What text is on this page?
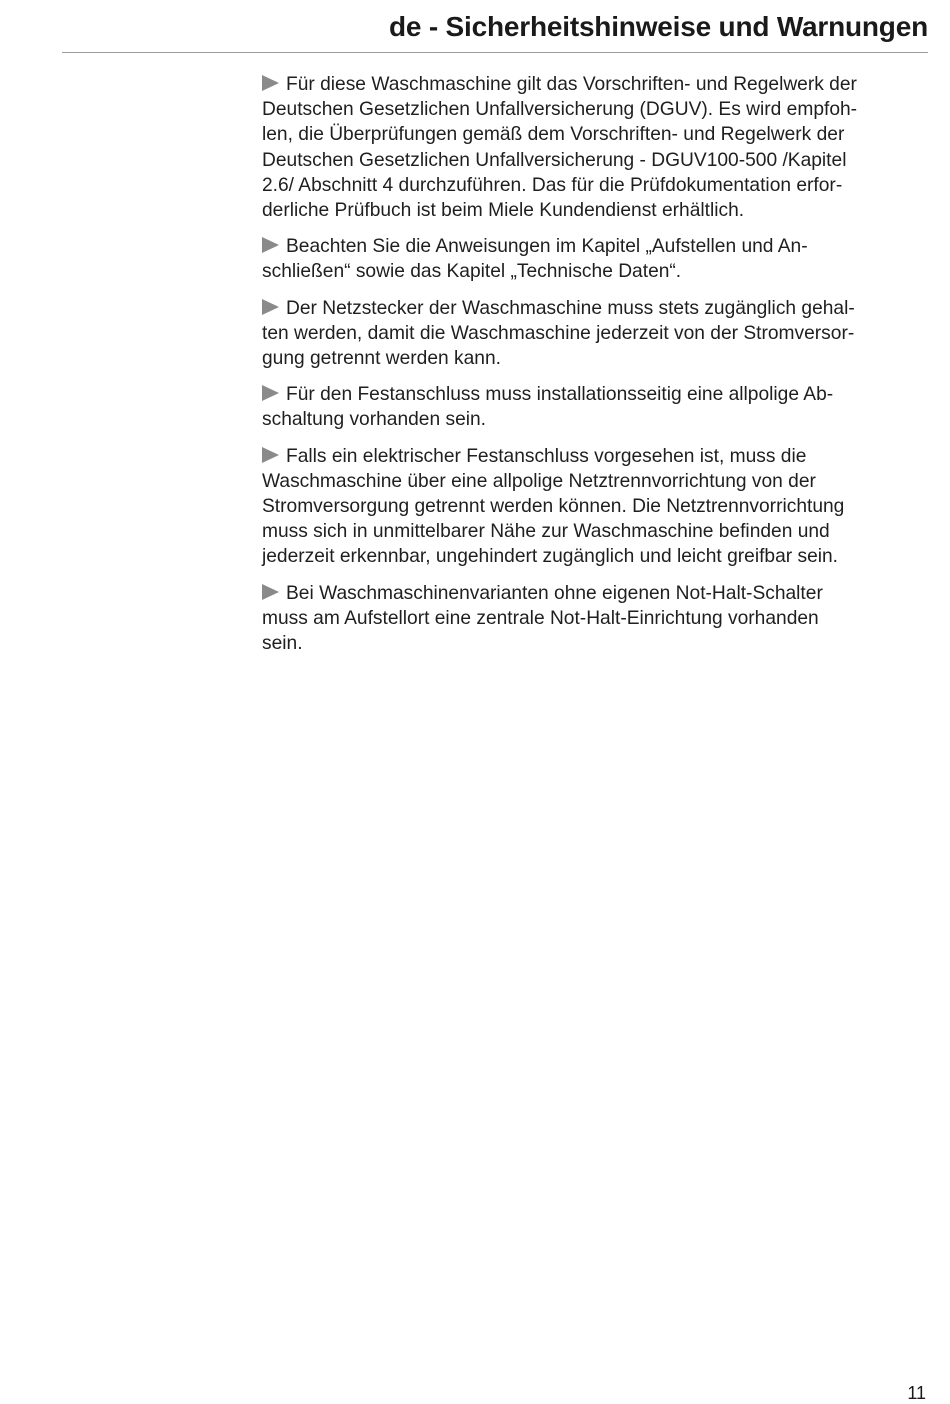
de - Sicherheitshinweise und Warnungen
Für diese Waschmaschine gilt das Vorschriften- und Regelwerk der
Deutschen Gesetzlichen Unfallversicherung (DGUV). Es wird empfoh-
len, die Überprüfungen gemäß dem Vorschriften- und Regelwerk der
Deutschen Gesetzlichen Unfallversicherung - DGUV100-500 /Kapitel
2.6/ Abschnitt 4 durchzuführen. Das für die Prüfdokumentation erfor-
derliche Prüfbuch ist beim Miele Kundendienst erhältlich.
Beachten Sie die Anweisungen im Kapitel „Aufstellen und An-
schließen“ sowie das Kapitel „Technische Daten“.
Der Netzstecker der Waschmaschine muss stets zugänglich gehal-
ten werden, damit die Waschmaschine jederzeit von der Stromversor-
gung getrennt werden kann.
Für den Festanschluss muss installationsseitig eine allpolige Ab-
schaltung vorhanden sein.
Falls ein elektrischer Festanschluss vorgesehen ist, muss die
Waschmaschine über eine allpolige Netztrennvorrichtung von der
Stromversorgung getrennt werden können. Die Netztrennvorrichtung
muss sich in unmittelbarer Nähe zur Waschmaschine befinden und
jederzeit erkennbar, ungehindert zugänglich und leicht greifbar sein.
Bei Waschmaschinenvarianten ohne eigenen Not-Halt-Schalter
muss am Aufstellort eine zentrale Not-Halt-Einrichtung vorhanden
sein.
11
